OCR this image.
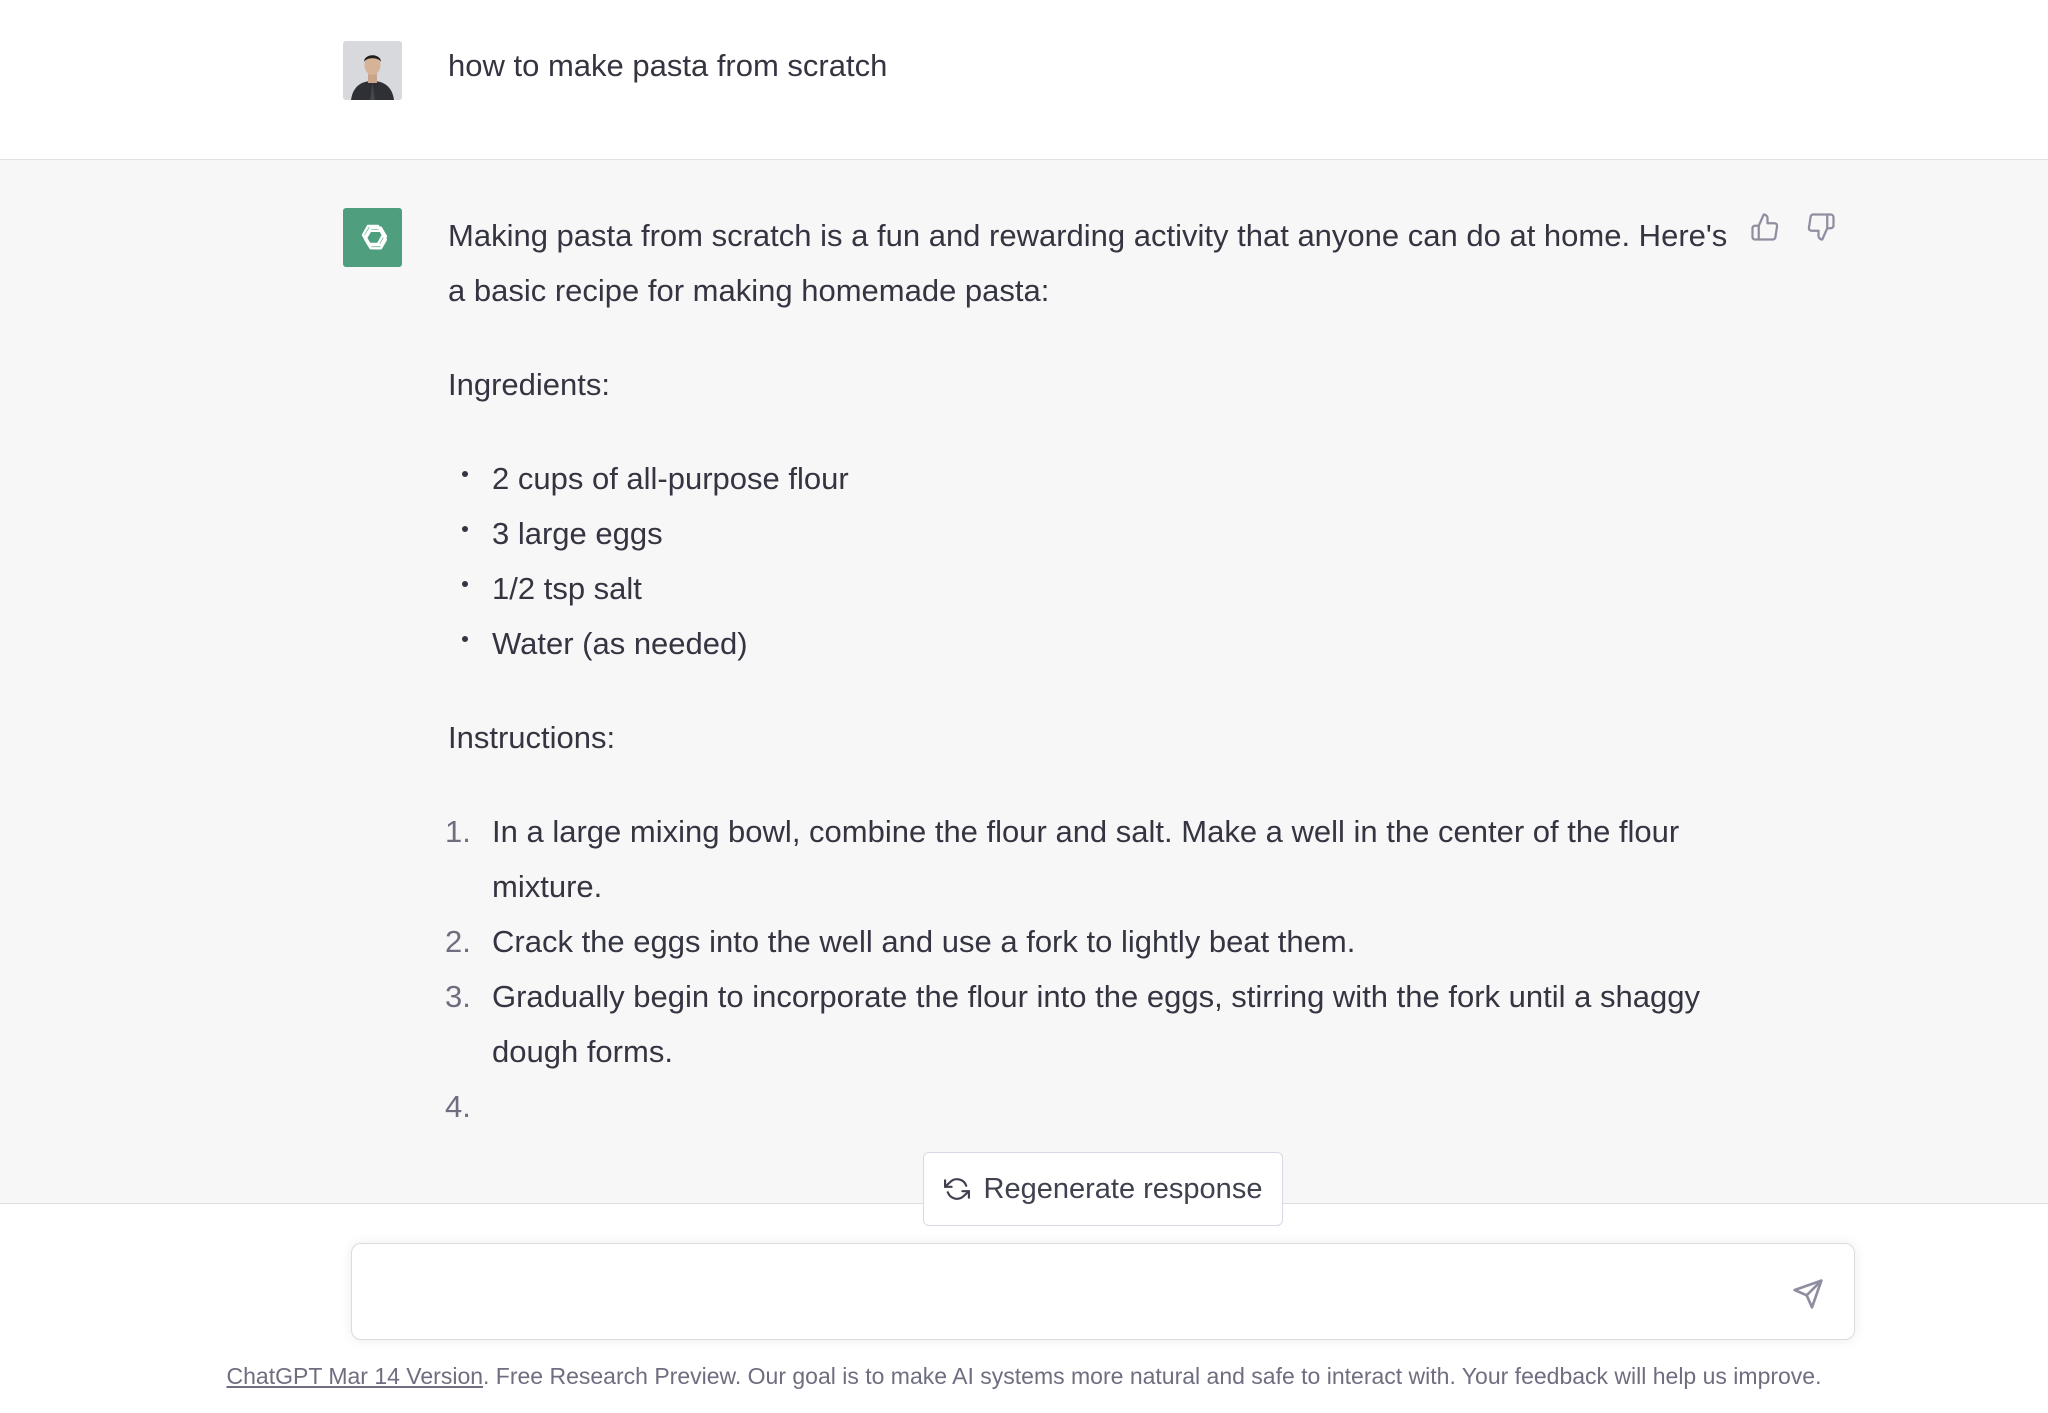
how to make pasta from scratch

Making pasta from scratch is a fun and rewarding activity that anyone can do at home. Here's a basic recipe for making homemade pasta:

Ingredients:

2 cups of all-purpose flour
3 large eggs
1/2 tsp salt
Water (as needed)

Instructions:

1. In a large mixing bowl, combine the flour and salt. Make a well in the center of the flour mixture.
2. Crack the eggs into the well and use a fork to lightly beat them.
3. Gradually begin to incorporate the flour into the eggs, stirring with the fork until a shaggy dough forms.
4.
Regenerate response
ChatGPT Mar 14 Version. Free Research Preview. Our goal is to make AI systems more natural and safe to interact with. Your feedback will help us improve.
